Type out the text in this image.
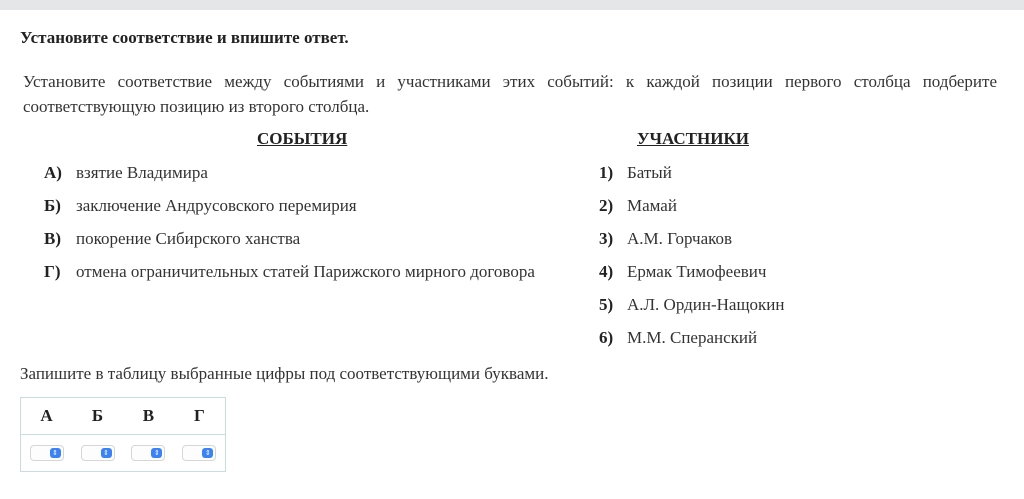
Установите соответствие и впишите ответ.
Установите соответствие между событиями и участниками этих событий: к каждой позиции первого столбца подберите соответствующую позицию из второго столбца.
СОБЫТИЯ	УЧАСТНИКИ
А) взятие Владимира
Б) заключение Андрусовского перемирия
В) покорение Сибирского ханства
Г) отмена ограничительных статей Парижского мирного договора
1) Батый
2) Мамай
3) А.М. Горчаков
4) Ермак Тимофеевич
5) А.Л. Ордин-Нащокин
6) М.М. Сперанский
Запишите в таблицу выбранные цифры под соответствующими буквами.
А	Б	В	Г

⇕	⇕	⇕	⇕
